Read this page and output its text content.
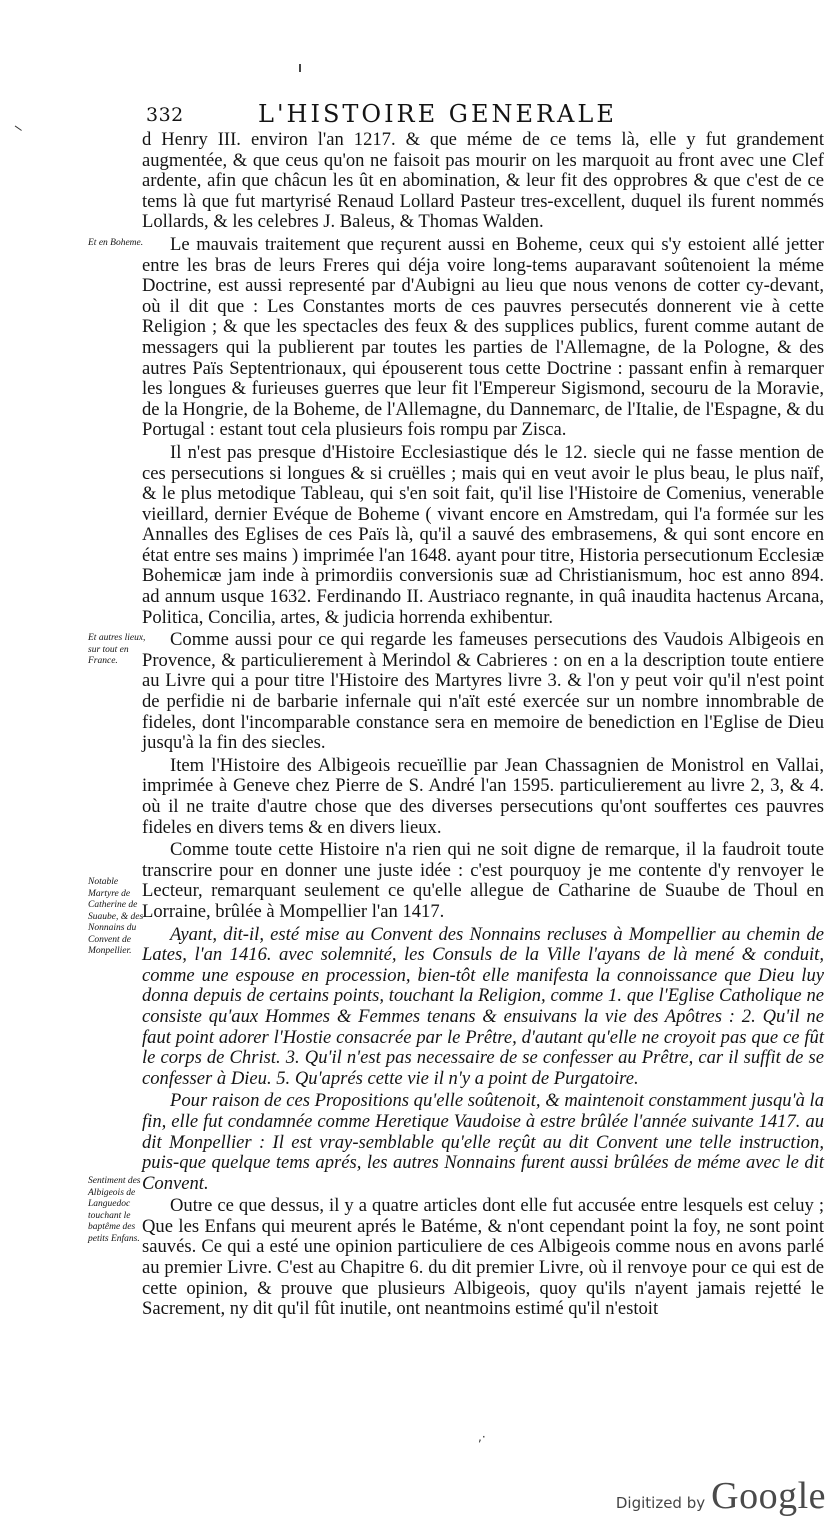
332	L'HISTOIRE GENERALE
Et en Boheme.
Et autres lieux, sur tout en France.
Notable Martyre de Catherine de Suaube, & des Nonnains du Convent de Monpellier.
Sentiment des Albigeois de Languedoc touchant le baptême des petits Enfans.

d Henry III. environ l'an 1217. & que méme de ce tems là, elle y fut grandement augmentée, & que ceus qu'on ne faisoit pas mourir on les marquoit au front avec une Clef ardente, afin que châcun les ût en abomination, & leur fit des opprobres & que c'est de ce tems là que fut martyrisé Renaud Lollard Pasteur tres-excellent, duquel ils furent nommés Lollards, & les celebres J. Baleus, & Thomas Walden.

Le mauvais traitement que reçurent aussi en Boheme, ceux qui s'y estoient allé jetter entre les bras de leurs Freres qui déja voire long-tems auparavant soûtenoient la méme Doctrine, est aussi representé par d'Aubigni au lieu que nous venons de cotter cy-devant, où il dit que : Les Constantes morts de ces pauvres persecutés donnerent vie à cette Religion ; & que les spectacles des feux & des supplices publics, furent comme autant de messagers qui la publierent par toutes les parties de l'Allemagne, de la Pologne, & des autres Païs Septentrionaux, qui épouserent tous cette Doctrine : passant enfin à remarquer les longues & furieuses guerres que leur fit l'Empereur Sigismond, secouru de la Moravie, de la Hongrie, de la Boheme, de l'Allemagne, du Dannemarc, de l'Italie, de l'Espagne, & du Portugal : estant tout cela plusieurs fois rompu par Zisca.

Il n'est pas presque d'Histoire Ecclesiastique dés le 12. siecle qui ne fasse mention de ces persecutions si longues & si cruëlles ; mais qui en veut avoir le plus beau, le plus naïf, & le plus metodique Tableau, qui s'en soit fait, qu'il lise l'Histoire de Comenius, venerable vieillard, dernier Evéque de Boheme ( vivant encore en Amstredam, qui l'a formée sur les Annalles des Eglises de ces Païs là, qu'il a sauvé des embrasemens, & qui sont encore en état entre ses mains ) imprimée l'an 1648. ayant pour titre, Historia persecutionum Ecclesiæ Bohemicæ jam inde à primordiis conversionis suæ ad Christianismum, hoc est anno 894. ad annum usque 1632. Ferdinando II. Austriaco regnante, in quâ inaudita hactenus Arcana, Politica, Concilia, artes, & judicia horrenda exhibentur.

Comme aussi pour ce qui regarde les fameuses persecutions des Vaudois Albigeois en Provence, & particulierement à Merindol & Cabrieres : on en a la description toute entiere au Livre qui a pour titre l'Histoire des Martyres livre 3. & l'on y peut voir qu'il n'est point de perfidie ni de barbarie infernale qui n'aït esté exercée sur un nombre innombrable de fideles, dont l'incomparable constance sera en memoire de benediction en l'Eglise de Dieu jusqu'à la fin des siecles.

Item l'Histoire des Albigeois recueïllie par Jean Chassagnien de Monistrol en Vallai, imprimée à Geneve chez Pierre de S. André l'an 1595. particulierement au livre 2, 3, & 4. où il ne traite d'autre chose que des diverses persecutions qu'ont souffertes ces pauvres fideles en divers tems & en divers lieux.

Comme toute cette Histoire n'a rien qui ne soit digne de remarque, il la faudroit toute transcrire pour en donner une juste idée : c'est pourquoy je me contente d'y renvoyer le Lecteur, remarquant seulement ce qu'elle allegue de Catharine de Suaube de Thoul en Lorraine, brûlée à Mompellier l'an 1417.

Ayant, dit-il, esté mise au Convent des Nonnains recluses à Mompellier au chemin de Lates, l'an 1416. avec solemnité, les Consuls de la Ville l'ayans de là mené & conduit, comme une espouse en procession, bien-tôt elle manifesta la connoissance que Dieu luy donna depuis de certains points, touchant la Religion, comme 1. que l'Eglise Catholique ne consiste qu'aux Hommes & Femmes tenans & ensuivans la vie des Apôtres : 2. Qu'il ne faut point adorer l'Hostie consacrée par le Prêtre, d'autant qu'elle ne croyoit pas que ce fût le corps de Christ. 3. Qu'il n'est pas necessaire de se confesser au Prêtre, car il suffit de se confesser à Dieu. 5. Qu'aprés cette vie il n'y a point de Purgatoire.

Pour raison de ces Propositions qu'elle soûtenoit, & maintenoit constamment jusqu'à la fin, elle fut condamnée comme Heretique Vaudoise à estre brûlée l'année suivante 1417. au dit Monpellier : Il est vray-semblable qu'elle reçût au dit Convent une telle instruction, puis-que quelque tems aprés, les autres Nonnains furent aussi brûlées de méme avec le dit Convent.

Outre ce que dessus, il y a quatre articles dont elle fut accusée entre lesquels est celuy ; Que les Enfans qui meurent aprés le Batéme, & n'ont cependant point la foy, ne sont point sauvés. Ce qui a esté une opinion particuliere de ces Albigeois comme nous en avons parlé au premier Livre. C'est au Chapitre 6. du dit premier Livre, où il renvoye pour ce qui est de cette opinion, & prouve que plusieurs Albigeois, quoy qu'ils n'ayent jamais rejetté le Sacrement, ny dit qu'il fût inutile, ont neantmoins estimé qu'il n'estoit

,·
Digitized by Google
